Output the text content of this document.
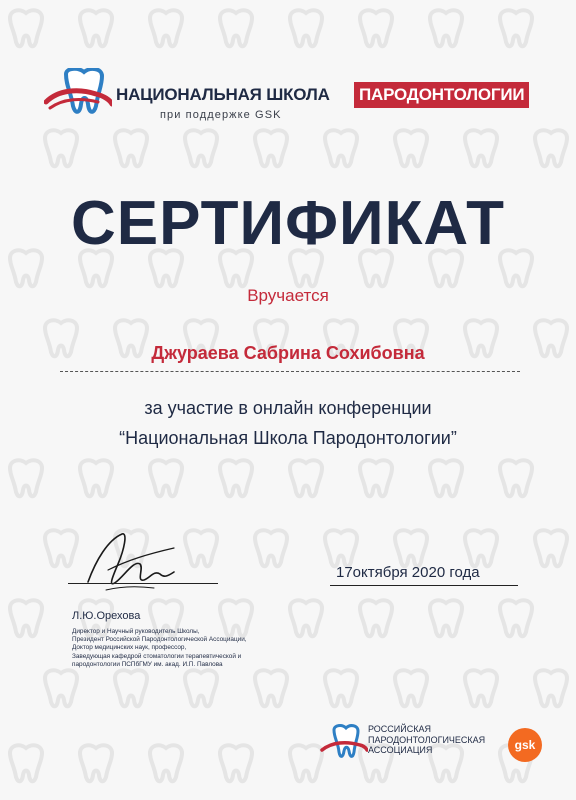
НАЦИОНАЛЬНАЯ ШКОЛА ПАРОДОНТОЛОГИИ
при поддержке GSK
СЕРТИФИКАТ
Вручается
Джураева Сабрина Сохибовна
за участие в онлайн конференции
“Национальная Школа Пародонтологии”
17октября 2020 года
Л.Ю.Орехова
Директор и Научный руководитель Школы,
Президент Российской Пародонтологической Ассоциации,
Доктор медицинских наук, профессор,
Заведующая кафедрой стоматологии терапевтической и
пародонтологии ПСПбГМУ им. акад. И.П. Павлова
РОССИЙСКАЯ
ПАРОДОНТОЛОГИЧЕСКАЯ
АССОЦИАЦИЯ	gsk
